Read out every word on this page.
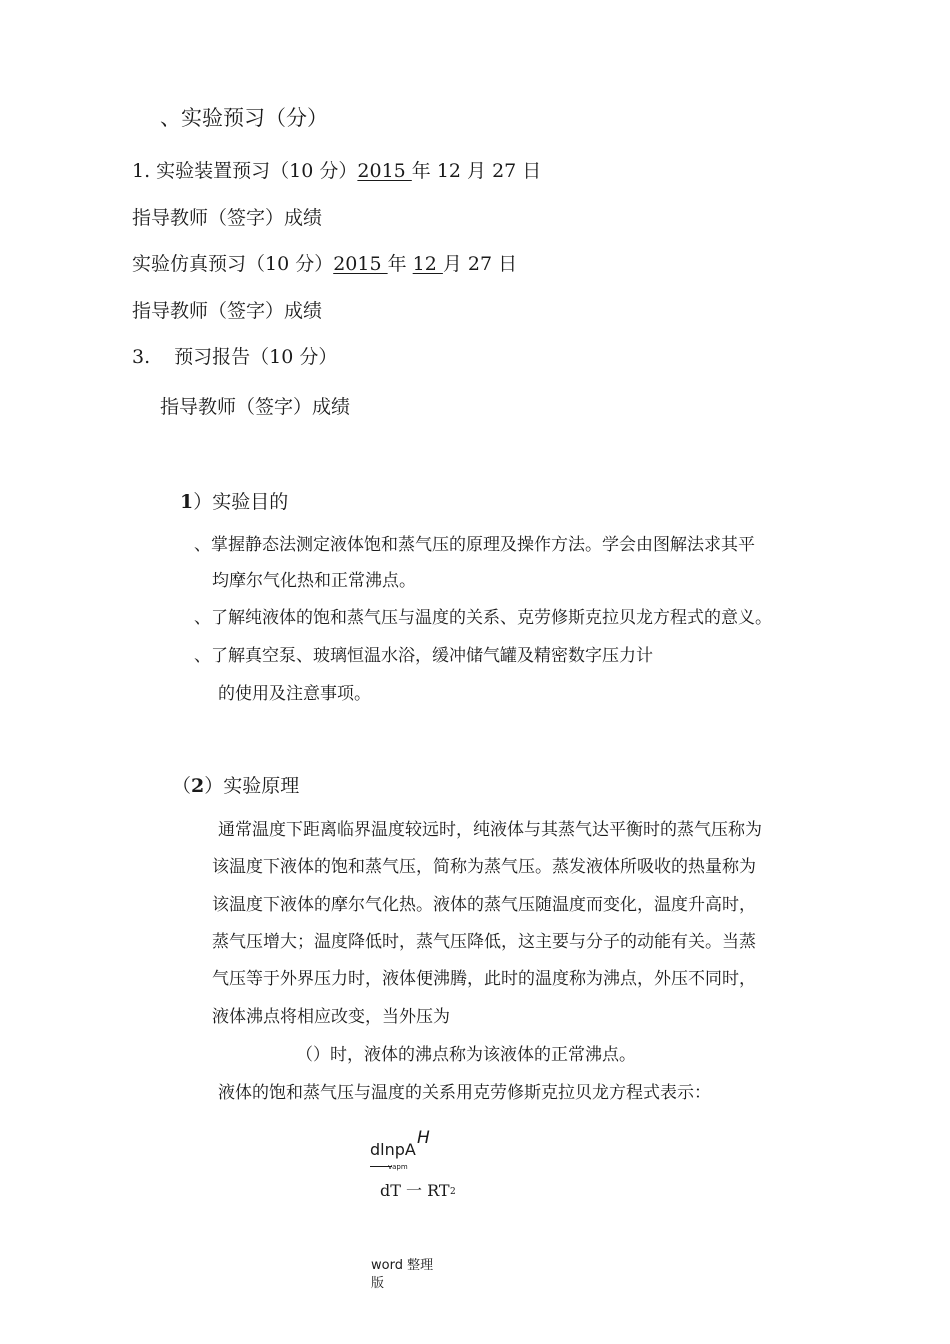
、实验预习（分）
1. 实验装置预习（10 分）2015 年 12 月 27 日
指导教师（签字）成绩
实验仿真预习（10 分）2015 年 12 月 27 日
指导教师（签字）成绩
3. 预习报告（10 分）
指导教师（签字）成绩
1）实验目的
、掌握静态法测定液体饱和蒸气压的原理及操作方法。学会由图解法求其平
均摩尔气化热和正常沸点。
、了解纯液体的饱和蒸气压与温度的关系、克劳修斯克拉贝龙方程式的意义。
、了解真空泵、玻璃恒温水浴，缓冲储气罐及精密数字压力计
的使用及注意事项。
（2）实验原理
通常温度下距离临界温度较远时，纯液体与其蒸气达平衡时的蒸气压称为
该温度下液体的饱和蒸气压，简称为蒸气压。蒸发液体所吸收的热量称为
该温度下液体的摩尔气化热。液体的蒸气压随温度而变化，温度升高时，
蒸气压增大；温度降低时，蒸气压降低，这主要与分子的动能有关。当蒸
气压等于外界压力时，液体便沸腾，此时的温度称为沸点，外压不同时，
液体沸点将相应改变，当外压为
（）时，液体的沸点称为该液体的正常沸点。
液体的饱和蒸气压与温度的关系用克劳修斯克拉贝龙方程式表示：
dlnpA
H
vapm
dT 一 RT 2
word 整理
版
